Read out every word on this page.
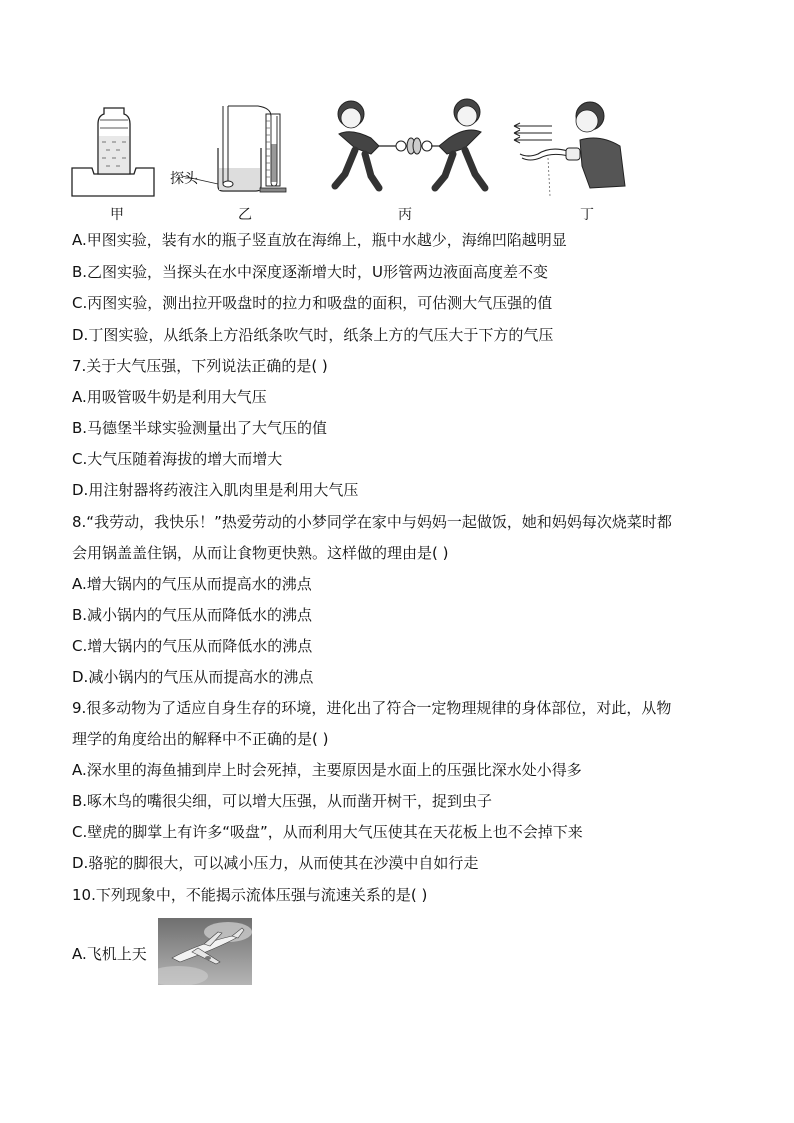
甲
探头
乙	丙	丁
A.甲图实验，装有水的瓶子竖直放在海绵上，瓶中水越少，海绵凹陷越明显
B.乙图实验，当探头在水中深度逐渐增大时，U形管两边液面高度差不变
C.丙图实验，测出拉开吸盘时的拉力和吸盘的面积，可估测大气压强的值
D.丁图实验，从纸条上方沿纸条吹气时，纸条上方的气压大于下方的气压
7.关于大气压强，下列说法正确的是( )
A.用吸管吸牛奶是利用大气压
B.马德堡半球实验测量出了大气压的值
C.大气压随着海拔的增大而增大
D.用注射器将药液注入肌肉里是利用大气压
8.“我劳动，我快乐！”热爱劳动的小梦同学在家中与妈妈一起做饭，她和妈妈每次烧菜时都
会用锅盖盖住锅，从而让食物更快熟。这样做的理由是( )
A.增大锅内的气压从而提高水的沸点
B.减小锅内的气压从而降低水的沸点
C.增大锅内的气压从而降低水的沸点
D.减小锅内的气压从而提高水的沸点
9.很多动物为了适应自身生存的环境，进化出了符合一定物理规律的身体部位，对此，从物
理学的角度给出的解释中不正确的是( )
A.深水里的海鱼捕到岸上时会死掉，主要原因是水面上的压强比深水处小得多
B.啄木鸟的嘴很尖细，可以增大压强，从而凿开树干，捉到虫子
C.壁虎的脚掌上有许多“吸盘”，从而利用大气压使其在天花板上也不会掉下来
D.骆驼的脚很大，可以减小压力，从而使其在沙漠中自如行走
10.下列现象中，不能揭示流体压强与流速关系的是( )
A.飞机上天
